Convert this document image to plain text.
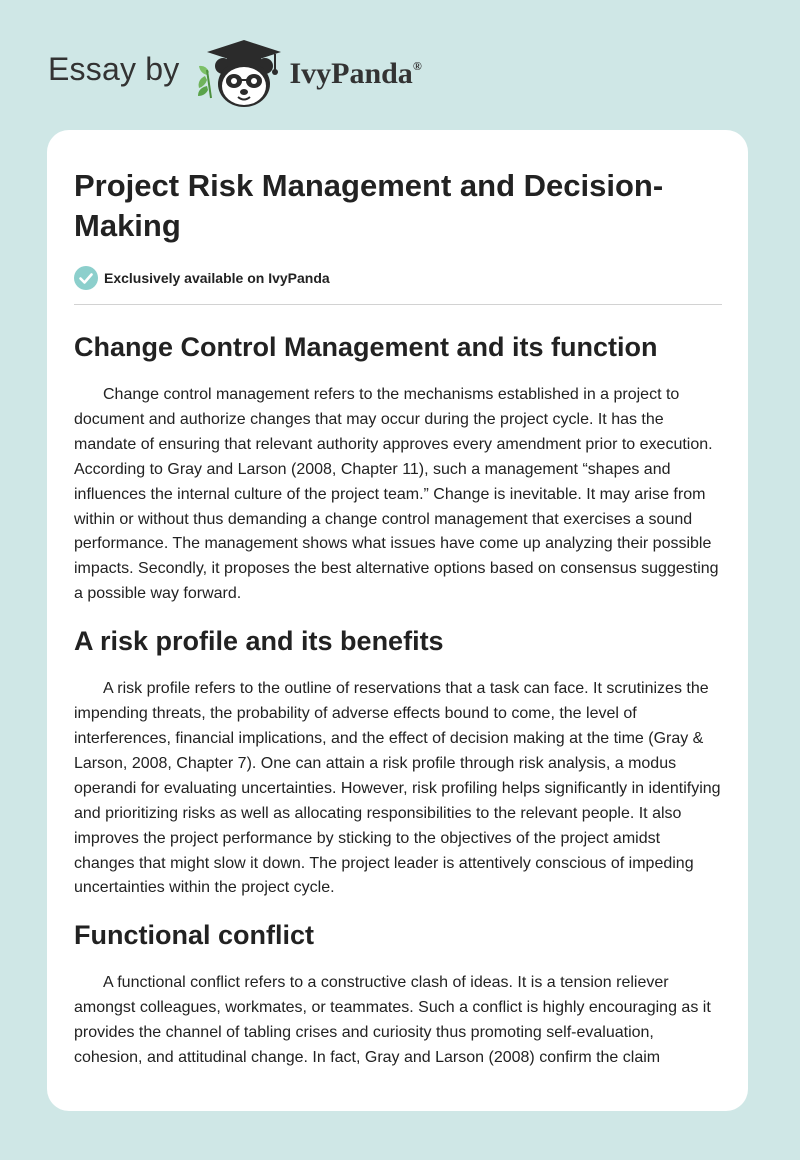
Essay by	IvyPanda®
Project Risk Management and Decision-Making
Exclusively available on IvyPanda
Change Control Management and its function

Change control management refers to the mechanisms established in a project to document and authorize changes that may occur during the project cycle. It has the mandate of ensuring that relevant authority approves every amendment prior to execution. According to Gray and Larson (2008, Chapter 11), such a management “shapes and influences the internal culture of the project team.” Change is inevitable. It may arise from within or without thus demanding a change control management that exercises a sound performance. The management shows what issues have come up analyzing their possible impacts. Secondly, it proposes the best alternative options based on consensus suggesting a possible way forward.

A risk profile and its benefits

A risk profile refers to the outline of reservations that a task can face. It scrutinizes the impending threats, the probability of adverse effects bound to come, the level of interferences, financial implications, and the effect of decision making at the time (Gray & Larson, 2008, Chapter 7). One can attain a risk profile through risk analysis, a modus operandi for evaluating uncertainties. However, risk profiling helps significantly in identifying and prioritizing risks as well as allocating responsibilities to the relevant people. It also improves the project performance by sticking to the objectives of the project amidst changes that might slow it down. The project leader is attentively conscious of impeding uncertainties within the project cycle.

Functional conflict

A functional conflict refers to a constructive clash of ideas. It is a tension reliever amongst colleagues, workmates, or teammates. Such a conflict is highly encouraging as it provides the channel of tabling crises and curiosity thus promoting self-evaluation, cohesion, and attitudinal change. In fact, Gray and Larson (2008) confirm the claim
